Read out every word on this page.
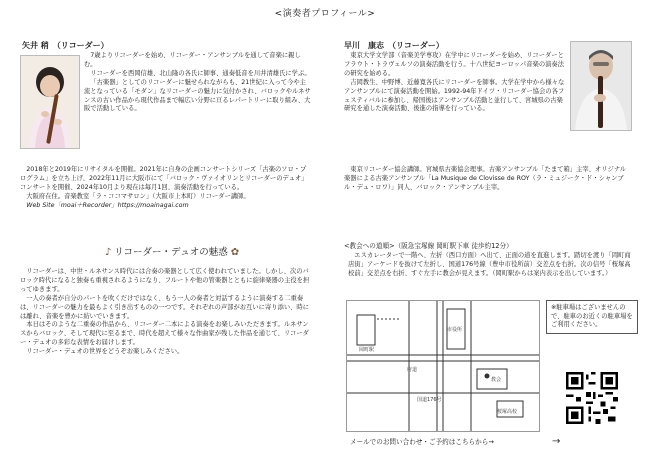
<演奏者プロフィール>
矢井 稍　（リコーダー）

7歳よりリコーダーを始め、リコーダー・アンサンブルを通して音楽に親しむ。

リコーダーを西岡信雄、北山隆の各氏に師事、通奏低音を川井清雄氏に学ぶ。

「古楽器」としてのリコーダーに魅せられながらも、21世紀に入って今や主流となっている「モダン」なリコーダーの魅力に気付かされ、バロックやルネサンスの古い作品から現代作品まで幅広い分野に亘るレパートリーに取り組み、大阪で活動している。

2018年と2019年にリサイタルを開催。2021年に自身の企画コンサートシリーズ「古楽のソロ・プログラム」を立ち上げ、2022年11月に大阪市にて「バロック・ヴァイオリンとリコーダーのデュオ」コンサートを開催、2024年10月より現在は毎月1回、演奏活動を行っている。

大阪府在住。音楽教室「ラ・ココマサロン」（大阪市上本町）リコーダー講師。

Web Site「moai＋Recorder」https://moainagai.com

早川　康志　（リコーダー）

東京大学文学部（音楽美学専攻）在学中にリコーダーを始め、リコーダーとフラウト・トラヴェルソの演奏活動を行う。十八世紀ヨーロッパ音楽の演奏法の研究を始める。

吉岡教生、中野博、近藤寛各氏にリコーダーを師事。大学在学中から様々なアンサンブルにて演奏活動を開始。1992-94年ドイツ・リコーダー協会の各フェスティバルに参加し、帰国後はアンサンブル活動と並行して、宮城県の古楽研究を通した演奏活動、後進の指導を行っている。

東京リコーダー協会講師。宮城県古楽協会理事。古楽アンサンブル「たまて箱」主宰、オリジナル楽器による古楽アンサンブル「La Musique de Clovisse de ROY（ラ・ミュジーク・ド・シャンブル・デュ・ロワ）」同人、バロック・アンサンブル主宰。

♪ リコーダー・デュオの魅惑 ✿

リコーダーは、中世・ルネサンス時代には合奏の楽器として広く使われていました。しかし、次のバロック時代になると独奏も重視されるようになり、フルートや他の管楽器とともに旋律楽器の主役を担ってゆきます。

一人の奏者が自分のパートを吹くだけではなく、もう一人の奏者と対話するように演奏する二重奏は、リコーダーの魅力を最もよく引き出すものの一つです。それぞれの声部がお互いに寄り添い、時には離れ、音楽を豊かに紡いでいきます。

本日はそのような二重奏の作品から、リコーダー二本による演奏をお楽しみいただきます。ルネサンスからバロック、そして現代に至るまで、時代を超えて様々な作曲家が残した作品を通じて、リコーダー・デュオの多彩な表情をお届けします。

リコーダー・デュオの世界をどうぞお楽しみください。

<教会への道順>（阪急宝塚線 岡町駅下車 徒歩約12分）
エスカレーターで一階へ、左折（西口方面）へ出て、正面の道を直進します。踏切を渡り「岡町商店街」アーケードを抜けて左折し、国道176号線（豊中市役所前）交差点を右折。次の信号「桜塚高校前」交差点を右折、すぐ左手に教会が見えます。（岡町駅からは案内表示を出しています。）
岡町駅
市役所
府道
国道176号
教会
桜塚高校
※駐車場はございませんので、駐車のお近くの駐車場をご利用ください。
メールでのお問い合わせ・ご予約はこちらから→	→
